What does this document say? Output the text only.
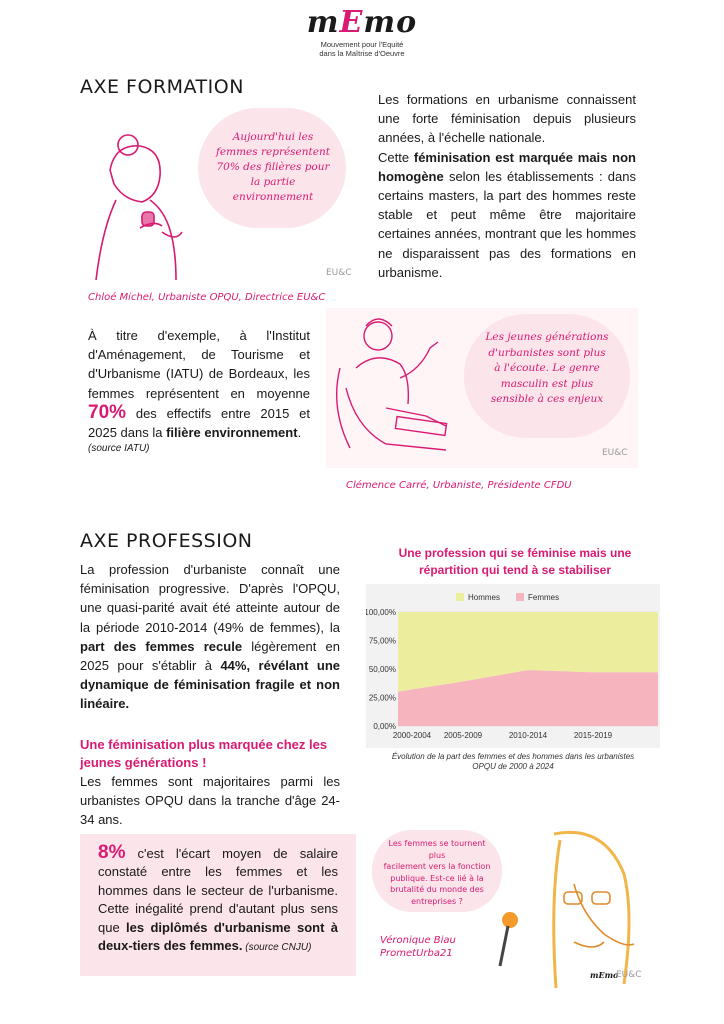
mEmo
Mouvement pour l'Equité
dans la Maîtrise d'Oeuvre
AXE FORMATION
Aujourd'hui les
femmes représentent
70% des filières pour
la partie
environnement
EU&C
Chloé Michel, Urbaniste OPQU, Directrice EU&C
Les formations en urbanisme connaissent une forte féminisation depuis plusieurs années, à l'échelle nationale.
Cette féminisation est marquée mais non homogène selon les établissements : dans certains masters, la part des hommes reste stable et peut même être majoritaire certaines années, montrant que les hommes ne disparaissent pas des formations en urbanisme.
À titre d'exemple, à l'Institut d'Aménagement, de Tourisme et d'Urbanisme (IATU) de Bordeaux, les femmes représentent en moyenne 70% des effectifs entre 2015 et 2025 dans la filière environnement.
(source IATU)
Les jeunes générations
d'urbanistes sont plus
à l'écoute. Le genre
masculin est plus
sensible à ces enjeux
EU&C
Clémence Carré, Urbaniste, Présidente CFDU
AXE PROFESSION
La profession d'urbaniste connaît une féminisation progressive. D'après l'OPQU, une quasi-parité avait été atteinte autour de la période 2010-2014 (49% de femmes), la part des femmes recule légèrement en 2025 pour s'établir à 44%, révélant une dynamique de féminisation fragile et non linéaire.
Une féminisation plus marquée chez les jeunes générations !
Les femmes sont majoritaires parmi les urbanistes OPQU dans la tranche d'âge 24-34 ans.
8% c'est l'écart moyen de salaire constaté entre les femmes et les hommes dans le secteur de l'urbanisme. Cette inégalité prend d'autant plus sens que les diplômés d'urbanisme sont à deux-tiers des femmes. (source CNJU)
Une profession qui se féminise mais une
répartition qui tend à se stabiliser
Hommes	Femmes
100,00%
75,00%
50,00%
25,00%
0,00%
2000-2004 2005-2009	2010-2014	2015-2019
Évolution de la part des femmes et des hommes dans les urbanistes
OPQU de 2000 à 2024
Les femmes se tournent plus
facilement vers la fonction
publique. Est-ce lié à la
brutalité du monde des
entreprises ?
Véronique Biau
PrometUrba21
mEmo
EU&C
